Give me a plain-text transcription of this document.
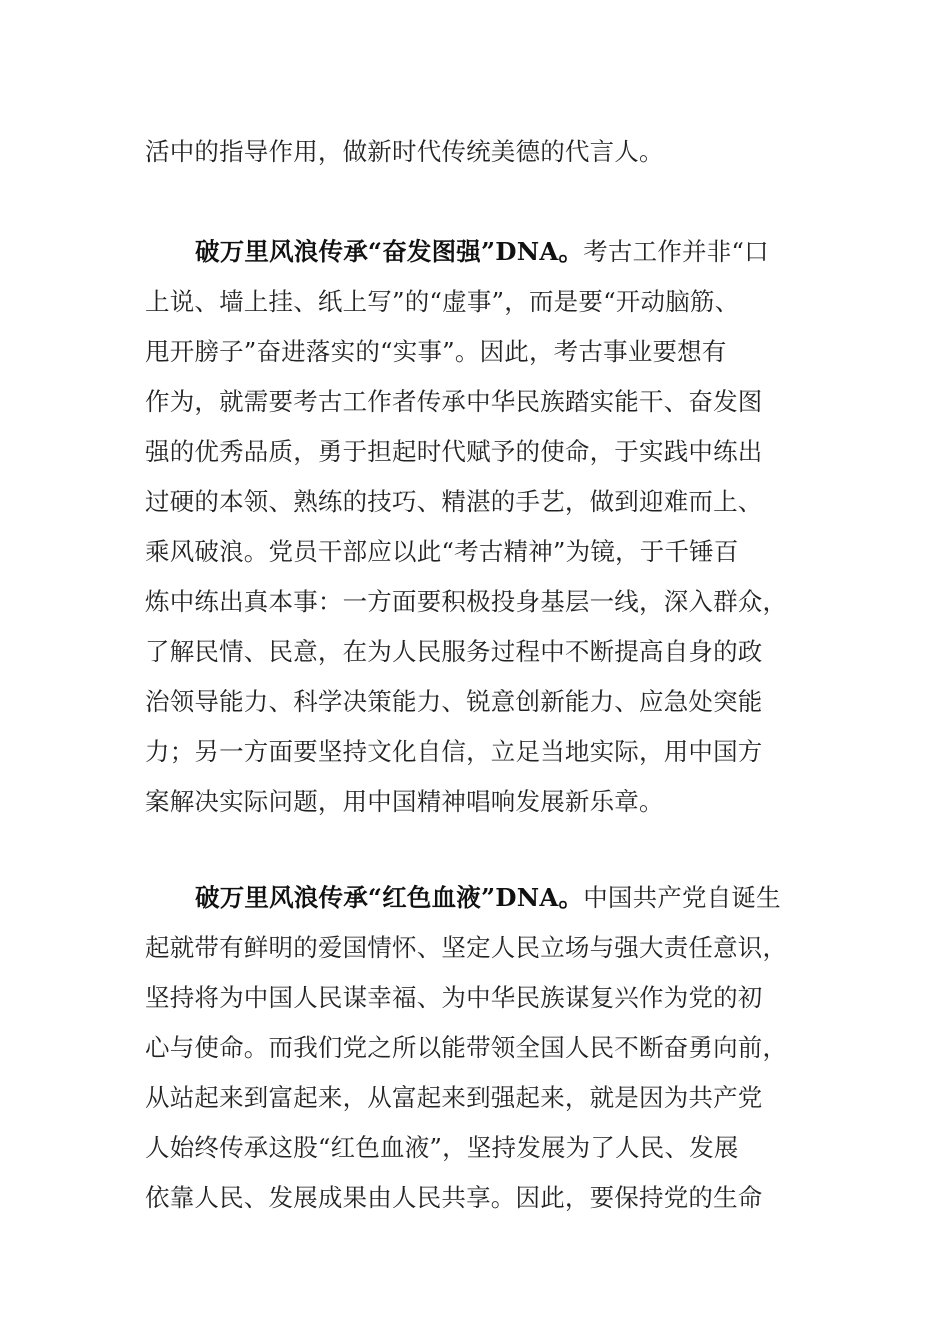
活中的指导作用，做新时代传统美德的代言人。
破万里风浪传承“奋发图强”DNA。考古工作并非“口
上说、墙上挂、纸上写”的“虚事”，而是要“开动脑筋、
甩开膀子”奋进落实的“实事”。因此，考古事业要想有
作为，就需要考古工作者传承中华民族踏实能干、奋发图
强的优秀品质，勇于担起时代赋予的使命，于实践中练出
过硬的本领、熟练的技巧、精湛的手艺，做到迎难而上、
乘风破浪。党员干部应以此“考古精神”为镜，于千锤百
炼中练出真本事：一方面要积极投身基层一线，深入群众，
了解民情、民意，在为人民服务过程中不断提高自身的政
治领导能力、科学决策能力、锐意创新能力、应急处突能
力；另一方面要坚持文化自信，立足当地实际，用中国方
案解决实际问题，用中国精神唱响发展新乐章。
破万里风浪传承“红色血液”DNA。中国共产党自诞生
起就带有鲜明的爱国情怀、坚定人民立场与强大责任意识，
坚持将为中国人民谋幸福、为中华民族谋复兴作为党的初
心与使命。而我们党之所以能带领全国人民不断奋勇向前，
从站起来到富起来，从富起来到强起来，就是因为共产党
人始终传承这股“红色血液”，坚持发展为了人民、发展
依靠人民、发展成果由人民共享。因此，要保持党的生命
